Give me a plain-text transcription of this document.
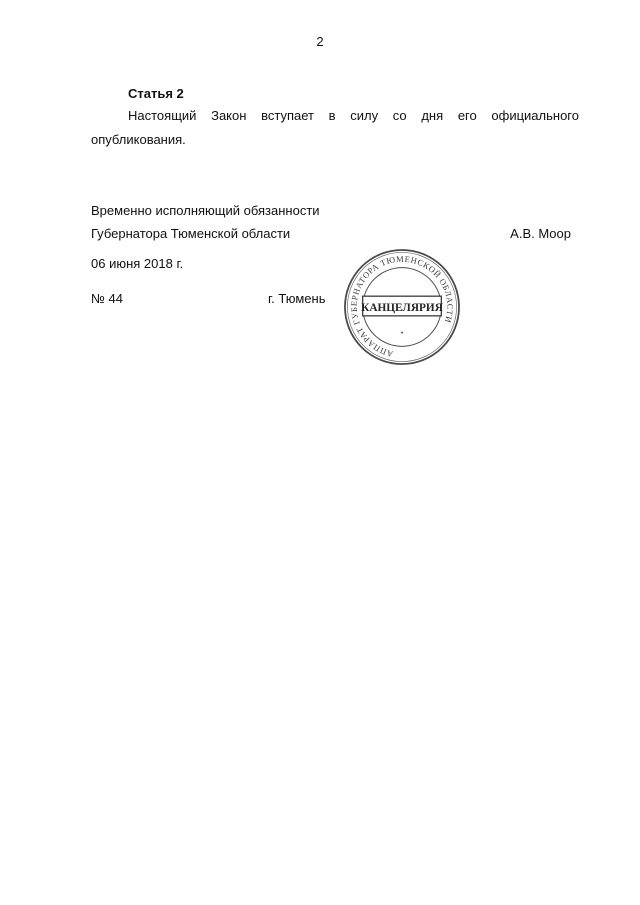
2
Статья 2
Настоящий Закон вступает в силу со дня его официального
опубликования.
Временно исполняющий обязанности
Губернатора Тюменской области	А.В. Моор
06 июня 2018 г.
№ 44	г. Тюмень
АППАРАТ ГУБЕРНАТОРА ТЮМЕНСКОЙ ОБЛАСТИ
КАНЦЕЛЯРИЯ
✦
